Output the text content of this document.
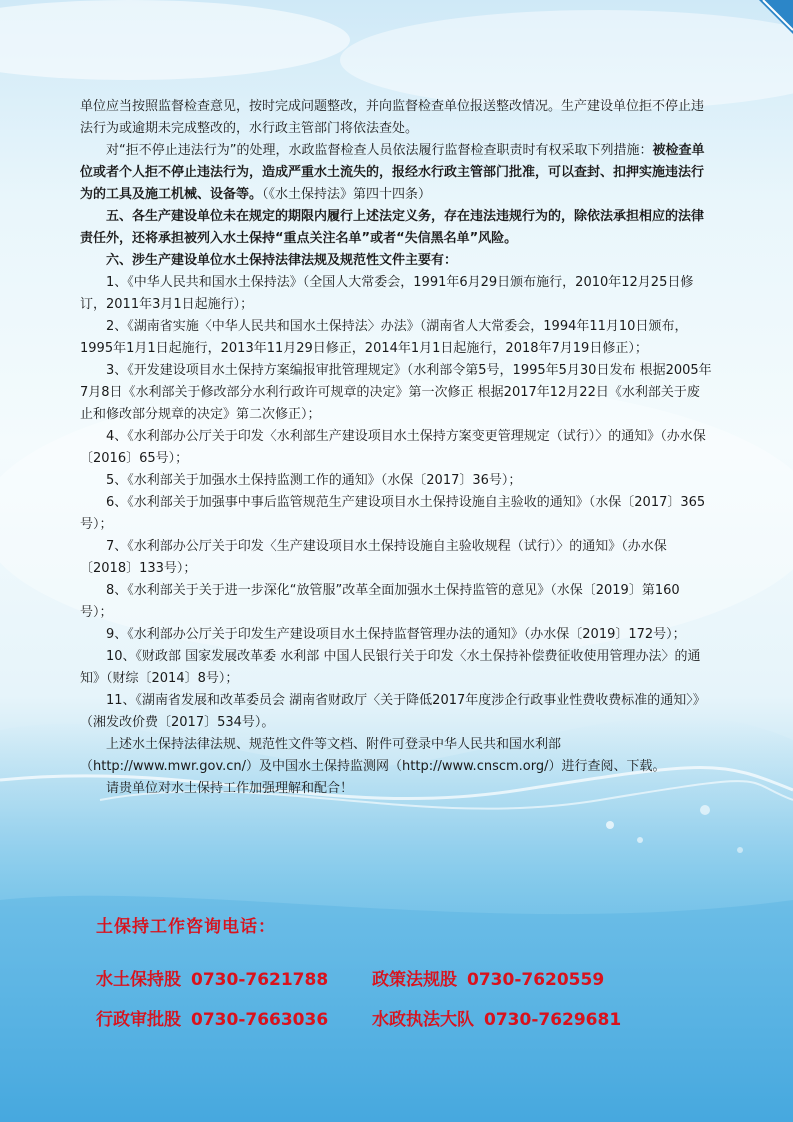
单位应当按照监督检查意见，按时完成问题整改，并向监督检查单位报送整改情况。生产建设单位拒不停止违法行为或逾期未完成整改的，水行政主管部门将依法查处。

对“拒不停止违法行为”的处理，水政监督检查人员依法履行监督检查职责时有权采取下列措施：被检查单位或者个人拒不停止违法行为，造成严重水土流失的，报经水行政主管部门批准，可以查封、扣押实施违法行为的工具及施工机械、设备等。（《水土保持法》第四十四条）

五、各生产建设单位未在规定的期限内履行上述法定义务，存在违法违规行为的，除依法承担相应的法律责任外，还将承担被列入水土保持“重点关注名单”或者“失信黑名单”风险。

六、涉生产建设单位水土保持法律法规及规范性文件主要有：

1、《中华人民共和国水土保持法》（全国人大常委会，1991年6月29日颁布施行，2010年12月25日修订，2011年3月1日起施行）；

2、《湖南省实施〈中华人民共和国水土保持法〉办法》（湖南省人大常委会，1994年11月10日颁布，1995年1月1日起施行，2013年11月29日修正，2014年1月1日起施行，2018年7月19日修正）；

3、《开发建设项目水土保持方案编报审批管理规定》（水利部令第5号，1995年5月30日发布 根据2005年7月8日《水利部关于修改部分水利行政许可规章的决定》第一次修正 根据2017年12月22日《水利部关于废止和修改部分规章的决定》第二次修正）；

4、《水利部办公厅关于印发〈水利部生产建设项目水土保持方案变更管理规定（试行）〉的通知》（办水保〔2016〕65号）；

5、《水利部关于加强水土保持监测工作的通知》（水保〔2017〕36号）；

6、《水利部关于加强事中事后监管规范生产建设项目水土保持设施自主验收的通知》（水保〔2017〕365号）；

7、《水利部办公厅关于印发〈生产建设项目水土保持设施自主验收规程（试行）〉的通知》（办水保〔2018〕133号）；

8、《水利部关于关于进一步深化“放管服”改革全面加强水土保持监管的意见》（水保〔2019〕第160号）；

9、《水利部办公厅关于印发生产建设项目水土保持监督管理办法的通知》（办水保〔2019〕172号）；

10、《财政部 国家发展改革委 水利部 中国人民银行关于印发〈水土保持补偿费征收使用管理办法〉的通知》（财综〔2014〕8号）；

11、《湖南省发展和改革委员会 湖南省财政厅〈关于降低2017年度涉企行政事业性费收费标准的通知〉》（湘发改价费〔2017〕534号）。

上述水土保持法律法规、规范性文件等文档、附件可登录中华人民共和国水利部（http://www.mwr.gov.cn/）及中国水土保持监测网（http://www.cnscm.org/）进行查阅、下载。

请贵单位对水土保持工作加强理解和配合！

土保持工作咨询电话：
水土保持股 0730-7621788	政策法规股 0730-7620559
行政审批股 0730-7663036	水政执法大队 0730-7629681
